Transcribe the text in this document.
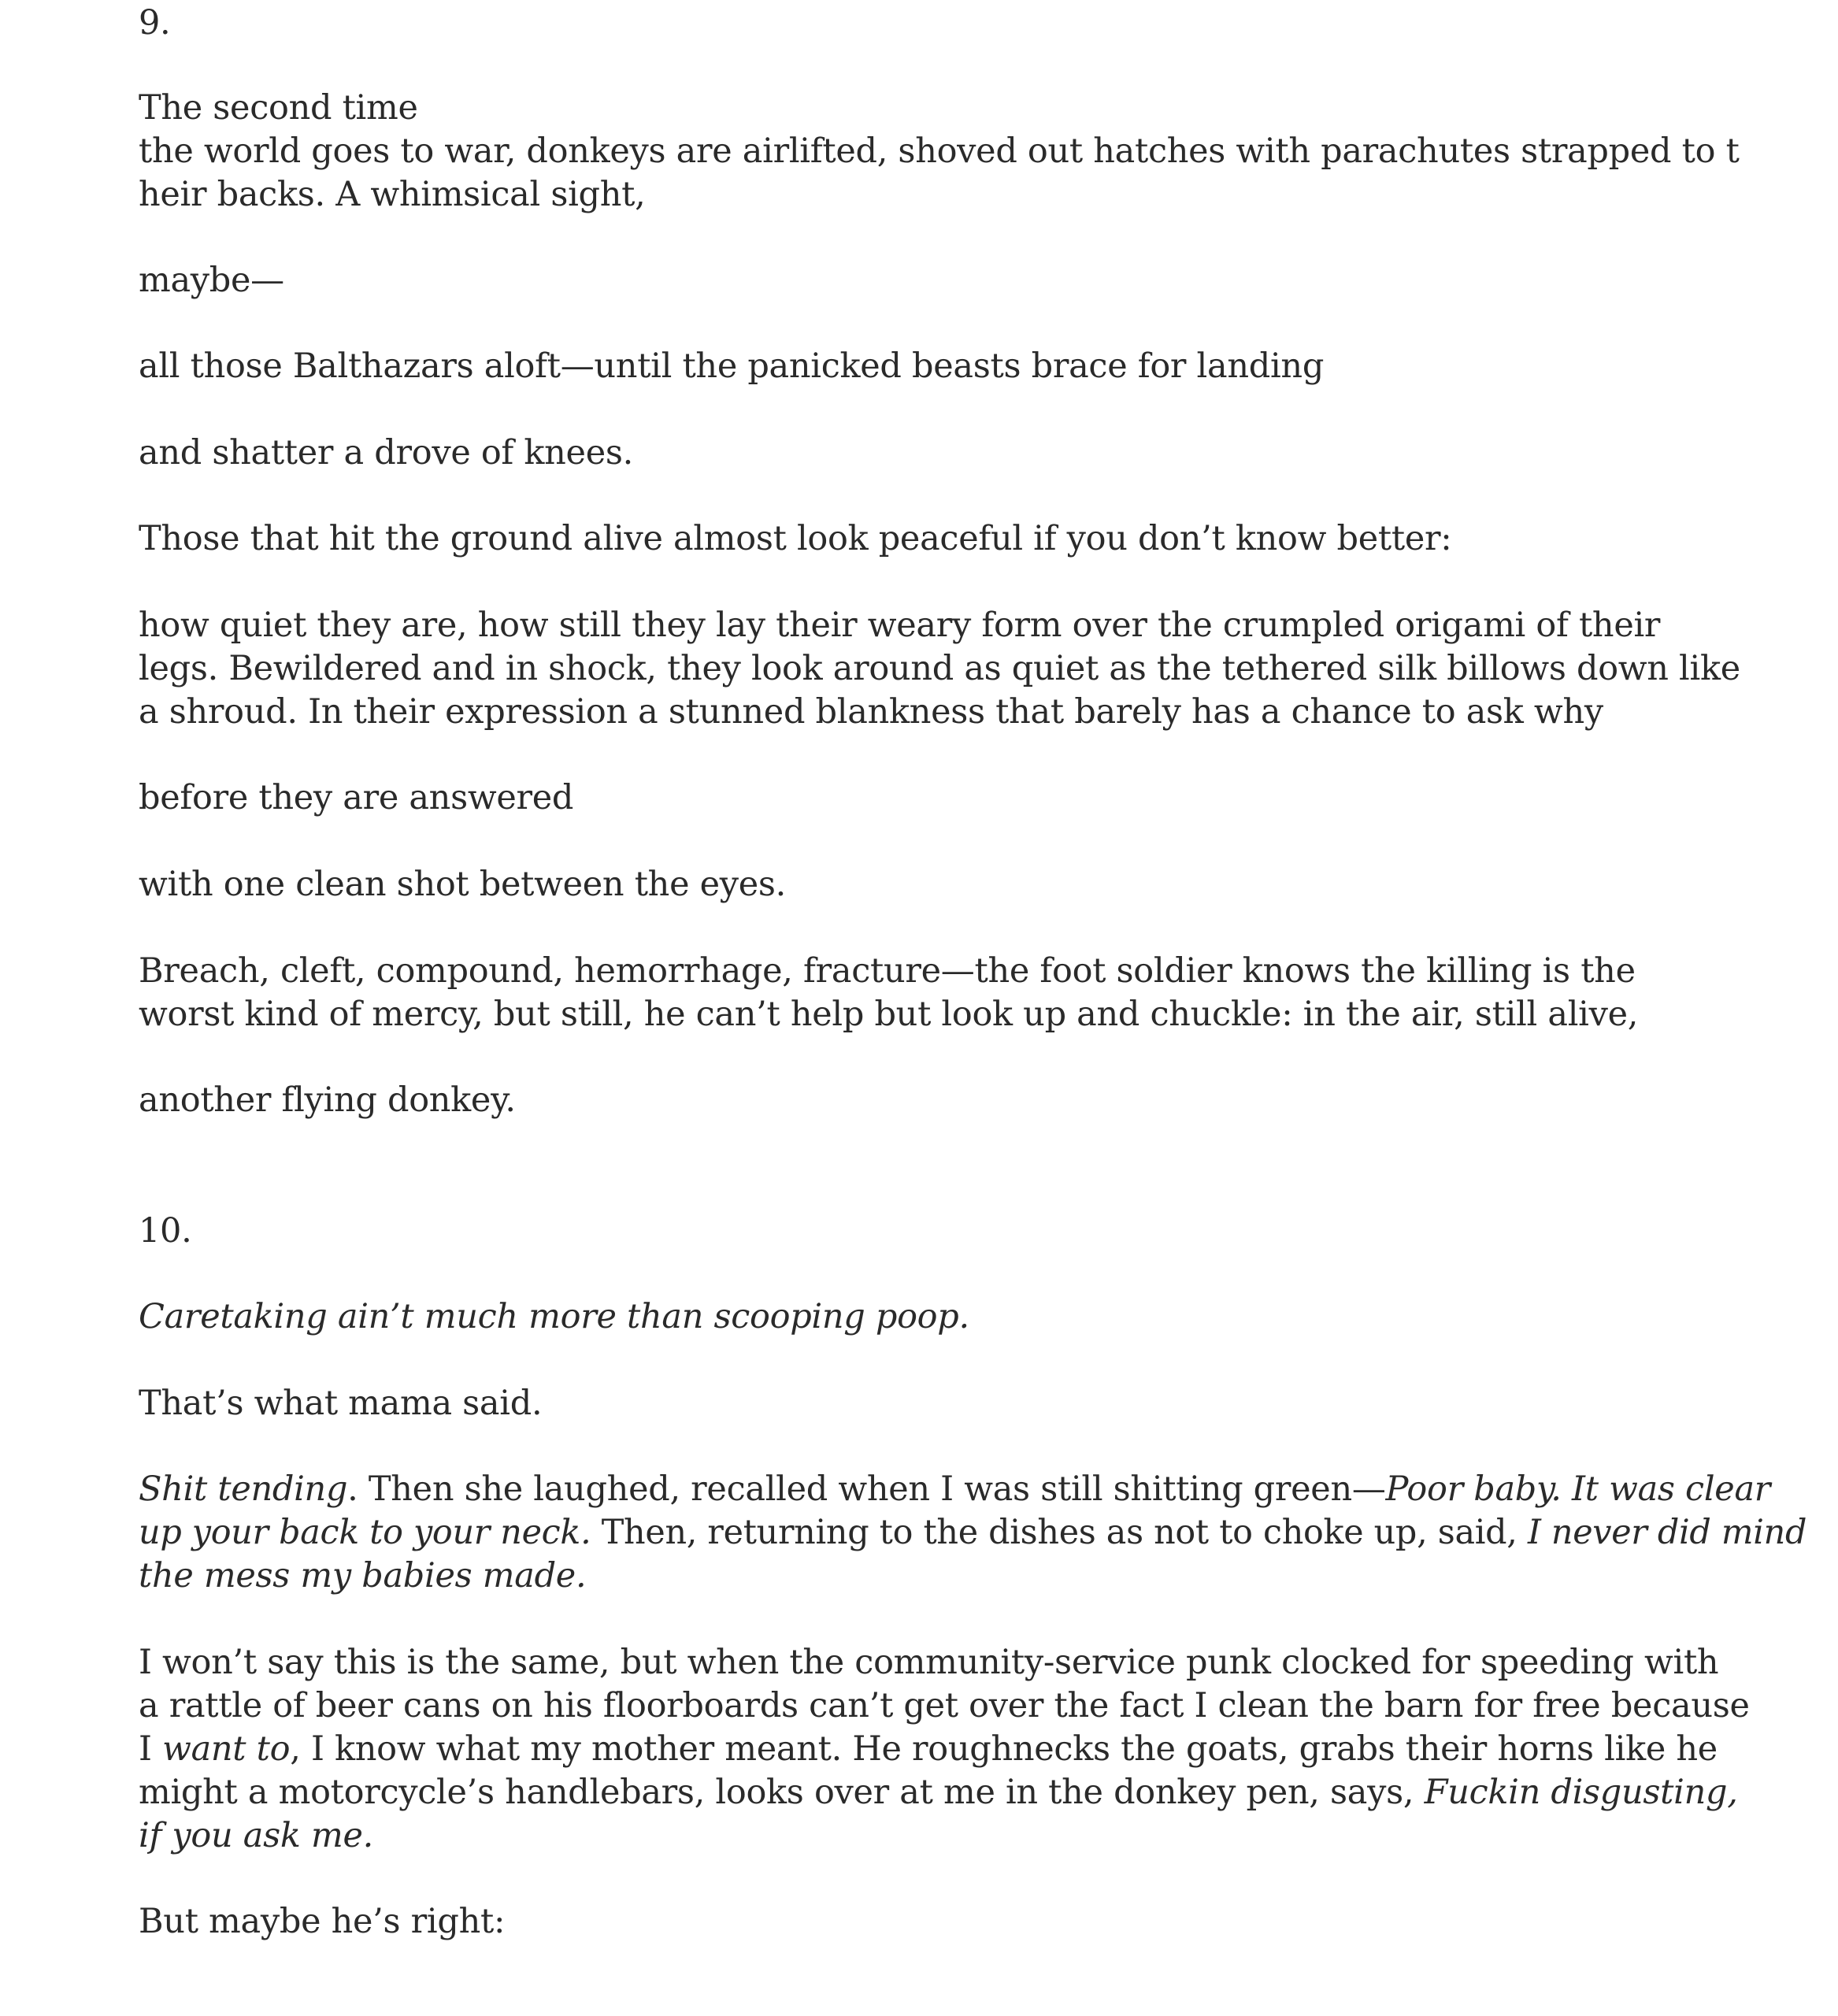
9.

The second time

the world goes to war, donkeys are airlifted, shoved out hatches with parachutes strapped to t

heir backs. A whimsical sight,

maybe—

all those Balthazars aloft—until the panicked beasts brace for landing

and shatter a drove of knees.

Those that hit the ground alive almost look peaceful if you don’t know better:

how quiet they are, how still they lay their weary form over the crumpled origami of their

legs. Bewildered and in shock, they look around as quiet as the tethered silk billows down like

a shroud. In their expression a stunned blankness that barely has a chance to ask why

before they are answered

with one clean shot between the eyes.

Breach, cleft, compound, hemorrhage, fracture—the foot soldier knows the killing is the

worst kind of mercy, but still, he can’t help but look up and chuckle: in the air, still alive,

another flying donkey.

10.

Caretaking ain’t much more than scooping poop.

That’s what mama said.

Shit tending. Then she laughed, recalled when I was still shitting green—Poor baby. It was clear

up your back to your neck. Then, returning to the dishes as not to choke up, said, I never did mind

the mess my babies made.

I won’t say this is the same, but when the community-service punk clocked for speeding with

a rattle of beer cans on his floorboards can’t get over the fact I clean the barn for free because

I want to, I know what my mother meant. He roughnecks the goats, grabs their horns like he

might a motorcycle’s handlebars, looks over at me in the donkey pen, says, Fuckin disgusting,

if you ask me.

But maybe he’s right:
